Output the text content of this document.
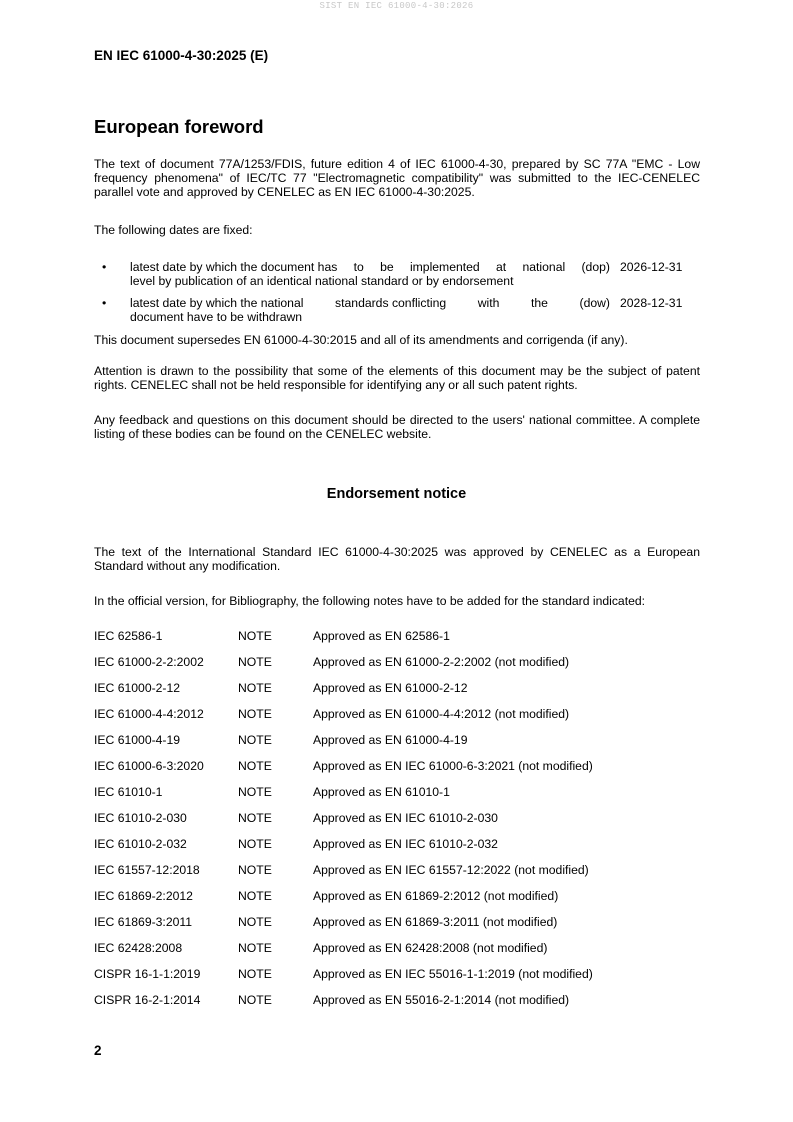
SIST EN IEC 61000-4-30:2026
EN IEC 61000-4-30:2025 (E)
European foreword
The text of document 77A/1253/FDIS, future edition 4 of IEC 61000-4-30, prepared by SC 77A "EMC - Low frequency phenomena" of IEC/TC 77 "Electromagnetic compatibility" was submitted to the IEC-CENELEC parallel vote and approved by CENELEC as EN IEC 61000-4-30:2025.
The following dates are fixed:
• latest date by which the document has to be implemented at national (dop)
level by publication of an identical national standard or by endorsement
2026-12-31
• latest date by which the national	standards conflicting	with	the	(dow)
document have to be withdrawn
2028-12-31
This document supersedes EN 61000-4-30:2015 and all of its amendments and corrigenda (if any).
Attention is drawn to the possibility that some of the elements of this document may be the subject of patent rights. CENELEC shall not be held responsible for identifying any or all such patent rights.
Any feedback and questions on this document should be directed to the users' national committee. A complete listing of these bodies can be found on the CENELEC website.
Endorsement notice
The text of the International Standard IEC 61000-4-30:2025 was approved by CENELEC as a European Standard without any modification.
In the official version, for Bibliography, the following notes have to be added for the standard indicated:
IEC 62586-1	NOTE	Approved as EN 62586-1
IEC 61000-2-2:2002	NOTE	Approved as EN 61000-2-2:2002 (not modified)
IEC 61000-2-12	NOTE	Approved as EN 61000-2-12
IEC 61000-4-4:2012	NOTE	Approved as EN 61000-4-4:2012 (not modified)
IEC 61000-4-19	NOTE	Approved as EN 61000-4-19
IEC 61000-6-3:2020	NOTE	Approved as EN IEC 61000-6-3:2021 (not modified)
IEC 61010-1	NOTE	Approved as EN 61010-1
IEC 61010-2-030	NOTE	Approved as EN IEC 61010-2-030
IEC 61010-2-032	NOTE	Approved as EN IEC 61010-2-032
IEC 61557-12:2018	NOTE	Approved as EN IEC 61557-12:2022 (not modified)
IEC 61869-2:2012	NOTE	Approved as EN 61869-2:2012 (not modified)
IEC 61869-3:2011	NOTE	Approved as EN 61869-3:2011 (not modified)
IEC 62428:2008	NOTE	Approved as EN 62428:2008 (not modified)
CISPR 16-1-1:2019	NOTE	Approved as EN IEC 55016-1-1:2019 (not modified)
CISPR 16-2-1:2014	NOTE	Approved as EN 55016-2-1:2014 (not modified)
2
